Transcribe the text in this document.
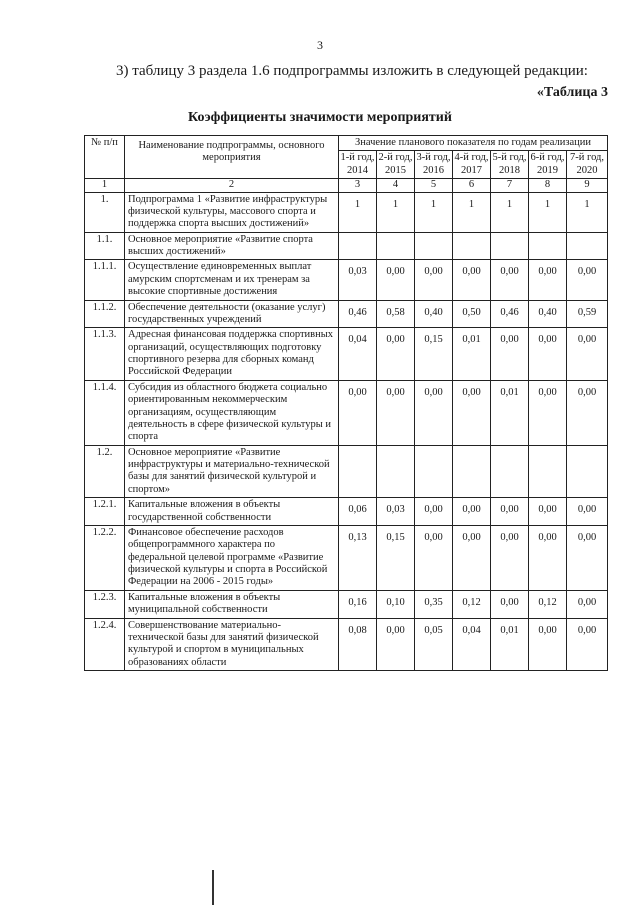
3
3) таблицу 3 раздела 1.6 подпрограммы изложить в следующей редакции:
«Таблица 3
Коэффициенты значимости мероприятий
№ п/п	Наименование подпрограммы, основного мероприятия	Значение планового показателя по годам реализации						
		1-й год, 2014	2-й год, 2015	3-й год, 2016	4-й год, 2017	5-й год, 2018	6-й год, 2019	7-й год, 2020
1	2	3	4	5	6	7	8	9
1.	Подпрограмма 1 «Развитие инфраструктуры физической культуры, массового спорта и поддержка спорта высших достижений»	1	1	1	1	1	1	1
1.1.	Основное мероприятие «Развитие спорта высших достижений»							
1.1.1.	Осуществление единовременных выплат амурским спортсменам и их тренерам за высокие спортивные достижения	0,03	0,00	0,00	0,00	0,00	0,00	0,00
1.1.2.	Обеспечение деятельности (оказание услуг) государственных учреждений	0,46	0,58	0,40	0,50	0,46	0,40	0,59
1.1.3.	Адресная финансовая поддержка спортивных организаций, осуществляющих подготовку спортивного резерва для сборных команд Российской Федерации	0,04	0,00	0,15	0,01	0,00	0,00	0,00
1.1.4.	Субсидия из областного бюджета социально ориентированным некоммерческим организациям, осуществляющим деятельность в сфере физической культуры и спорта	0,00	0,00	0,00	0,00	0,01	0,00	0,00
1.2.	Основное мероприятие «Развитие инфраструктуры и материально-технической базы для занятий физической культурой и спортом»							
1.2.1.	Капитальные вложения в объекты государственной собственности	0,06	0,03	0,00	0,00	0,00	0,00	0,00
1.2.2.	Финансовое обеспечение расходов общепрограммного характера по федеральной целевой программе «Развитие физической культуры и спорта в Российской Федерации на 2006 - 2015 годы»	0,13	0,15	0,00	0,00	0,00	0,00	0,00
1.2.3.	Капитальные вложения в объекты муниципальной собственности	0,16	0,10	0,35	0,12	0,00	0,12	0,00
1.2.4.	Совершенствование материально-технической базы для занятий физической культурой и спортом в муниципальных образованиях области	0,08	0,00	0,05	0,04	0,01	0,00	0,00
